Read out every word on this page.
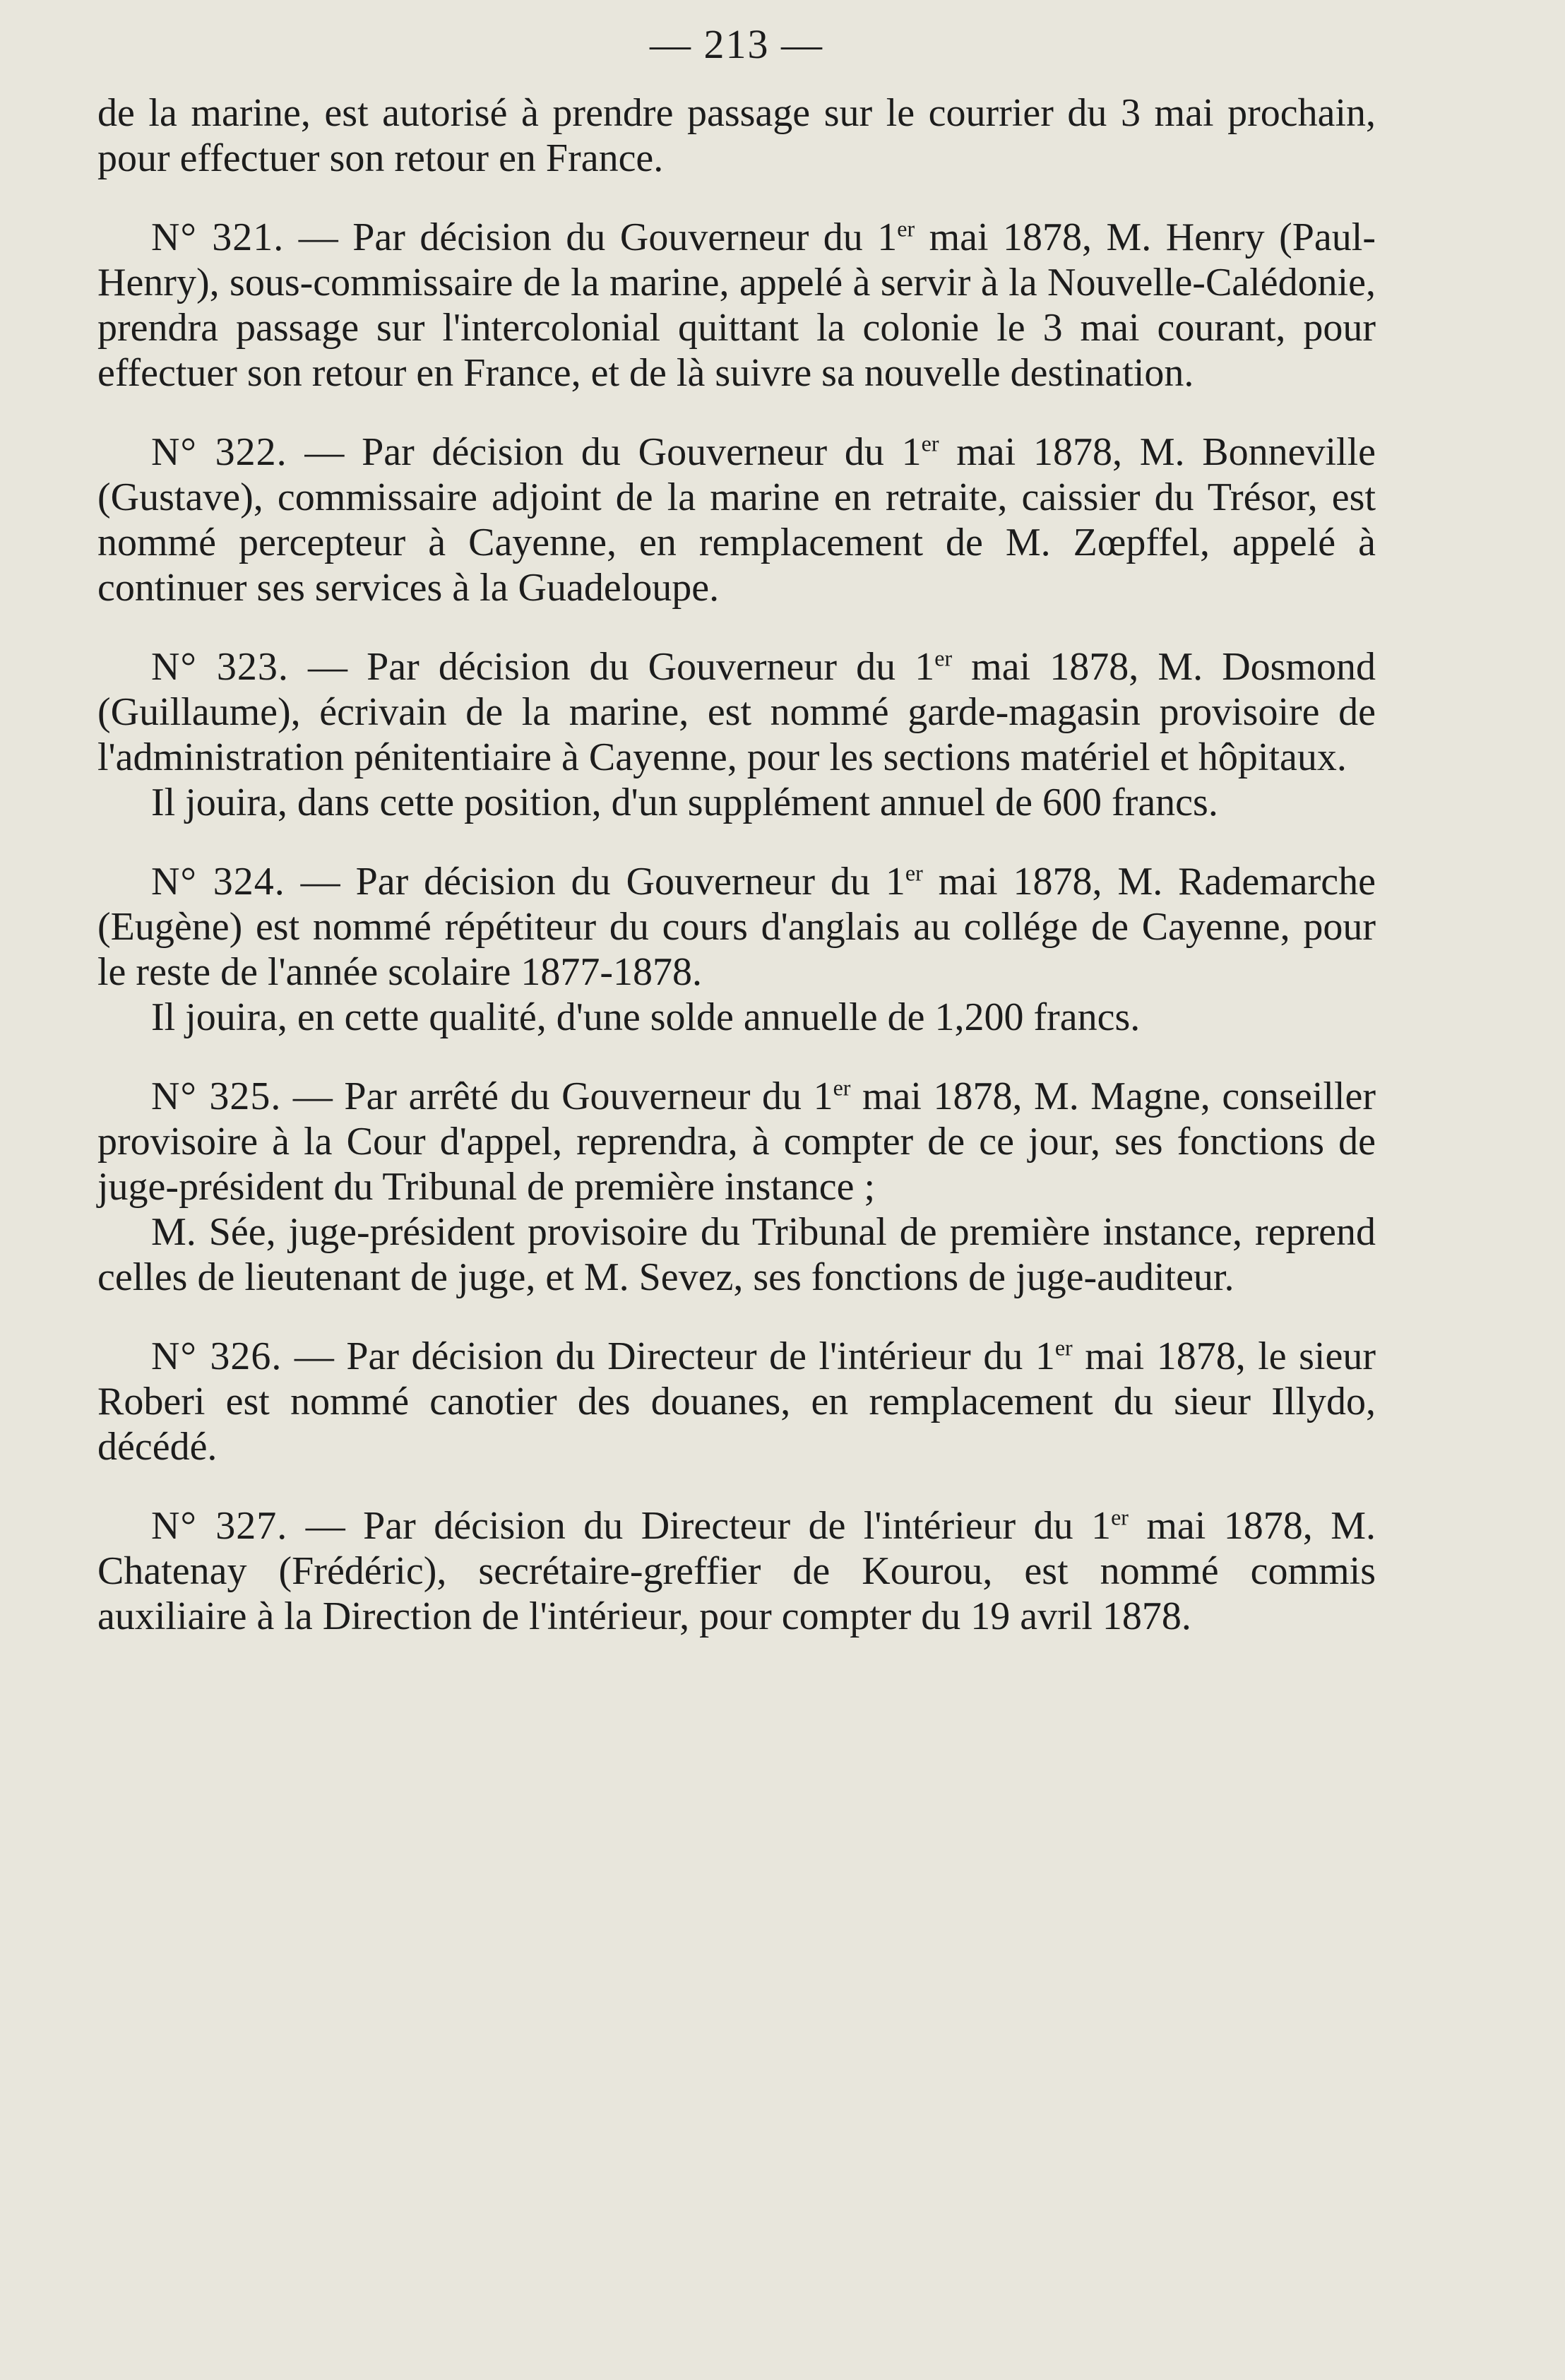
— 213 —

de la marine, est autorisé à prendre passage sur le courrier du 3 mai prochain, pour effectuer son retour en France.

N° 321. — Par décision du Gouverneur du 1er mai 1878, M. Henry (Paul-Henry), sous-commissaire de la marine, appelé à servir à la Nouvelle-Calédonie, prendra passage sur l'intercolonial quittant la colonie le 3 mai courant, pour effectuer son retour en France, et de là suivre sa nouvelle destination.

N° 322. — Par décision du Gouverneur du 1er mai 1878, M. Bonneville (Gustave), commissaire adjoint de la marine en retraite, caissier du Trésor, est nommé percepteur à Cayenne, en remplacement de M. Zœpffel, appelé à continuer ses services à la Guadeloupe.

N° 323. — Par décision du Gouverneur du 1er mai 1878, M. Dosmond (Guillaume), écrivain de la marine, est nommé garde-magasin provisoire de l'administration pénitentiaire à Cayenne, pour les sections matériel et hôpitaux.

Il jouira, dans cette position, d'un supplément annuel de 600 francs.

N° 324. — Par décision du Gouverneur du 1er mai 1878, M. Rademarche (Eugène) est nommé répétiteur du cours d'anglais au collége de Cayenne, pour le reste de l'année scolaire 1877-1878.

Il jouira, en cette qualité, d'une solde annuelle de 1,200 francs.

N° 325. — Par arrêté du Gouverneur du 1er mai 1878, M. Magne, conseiller provisoire à la Cour d'appel, reprendra, à compter de ce jour, ses fonctions de juge-président du Tribunal de première instance ;

M. Sée, juge-président provisoire du Tribunal de première instance, reprend celles de lieutenant de juge, et M. Sevez, ses fonctions de juge-auditeur.

N° 326. — Par décision du Directeur de l'intérieur du 1er mai 1878, le sieur Roberi est nommé canotier des douanes, en remplacement du sieur Illydo, décédé.

N° 327. — Par décision du Directeur de l'intérieur du 1er mai 1878, M. Chatenay (Frédéric), secrétaire-greffier de Kourou, est nommé commis auxiliaire à la Direction de l'intérieur, pour compter du 19 avril 1878.
